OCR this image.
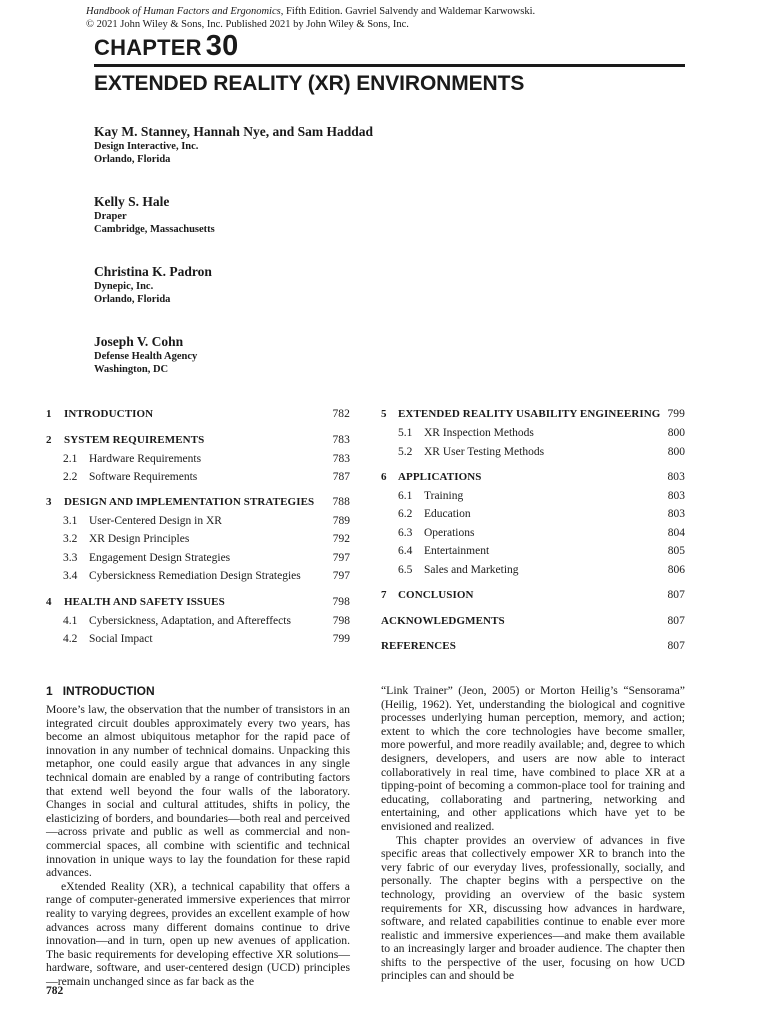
Handbook of Human Factors and Ergonomics, Fifth Edition. Gavriel Salvendy and Waldemar Karwowski.
© 2021 John Wiley & Sons, Inc. Published 2021 by John Wiley & Sons, Inc.
CHAPTER 30
EXTENDED REALITY (XR) ENVIRONMENTS
Kay M. Stanney, Hannah Nye, and Sam Haddad
Design Interactive, Inc.
Orlando, Florida
Kelly S. Hale
Draper
Cambridge, Massachusetts
Christina K. Padron
Dynepic, Inc.
Orlando, Florida
Joseph V. Cohn
Defense Health Agency
Washington, DC
1 INTRODUCTION	782
2 SYSTEM REQUIREMENTS	783
2.1 Hardware Requirements	783
2.2 Software Requirements	787
3 DESIGN AND IMPLEMENTATION STRATEGIES 788
3.1 User-Centered Design in XR	789
3.2 XR Design Principles	792
3.3 Engagement Design Strategies	797
3.4 Cybersickness Remediation Design Strategies	797
4 HEALTH AND SAFETY ISSUES	798
4.1 Cybersickness, Adaptation, and Aftereffects	798
4.2 Social Impact	799
5 EXTENDED REALITY USABILITY ENGINEERING 799
5.1 XR Inspection Methods	800
5.2 XR User Testing Methods	800
6 APPLICATIONS	803
6.1 Training	803
6.2 Education	803
6.3 Operations	804
6.4 Entertainment	805
6.5 Sales and Marketing	806
7 CONCLUSION	807
ACKNOWLEDGMENTS	807
REFERENCES	807
1 INTRODUCTION

Moore’s law, the observation that the number of transistors in an integrated circuit doubles approximately every two years, has become an almost ubiquitous metaphor for the rapid pace of innovation in any number of technical domains. Unpacking this metaphor, one could easily argue that advances in any single technical domain are enabled by a range of contributing factors that extend well beyond the four walls of the laboratory. Changes in social and cultural attitudes, shifts in policy, the elasticizing of borders, and boundaries—both real and perceived—across private and public as well as commercial and non-commercial spaces, all combine with scientific and technical innovation in unique ways to lay the foundation for these rapid advances.

eXtended Reality (XR), a technical capability that offers a range of computer-generated immersive experiences that mirror reality to varying degrees, provides an excellent example of how advances across many different domains continue to drive innovation—and in turn, open up new avenues of application. The basic requirements for developing effective XR solutions—hardware, software, and user-centered design (UCD) principles—remain unchanged since as far back as the

“Link Trainer” (Jeon, 2005) or Morton Heilig’s “Sensorama” (Heilig, 1962). Yet, understanding the biological and cognitive processes underlying human perception, memory, and action; extent to which the core technologies have become smaller, more powerful, and more readily available; and, degree to which designers, developers, and users are now able to interact collaboratively in real time, have combined to place XR at a tipping-point of becoming a common-place tool for training and educating, collaborating and partnering, networking and entertaining, and other applications which have yet to be envisioned and realized.

This chapter provides an overview of advances in five specific areas that collectively empower XR to branch into the very fabric of our everyday lives, professionally, socially, and personally. The chapter begins with a perspective on the technology, providing an overview of the basic system requirements for XR, discussing how advances in hardware, software, and related capabilities continue to enable ever more realistic and immersive experiences—and make them available to an increasingly larger and broader audience. The chapter then shifts to the perspective of the user, focusing on how UCD principles can and should be

782
